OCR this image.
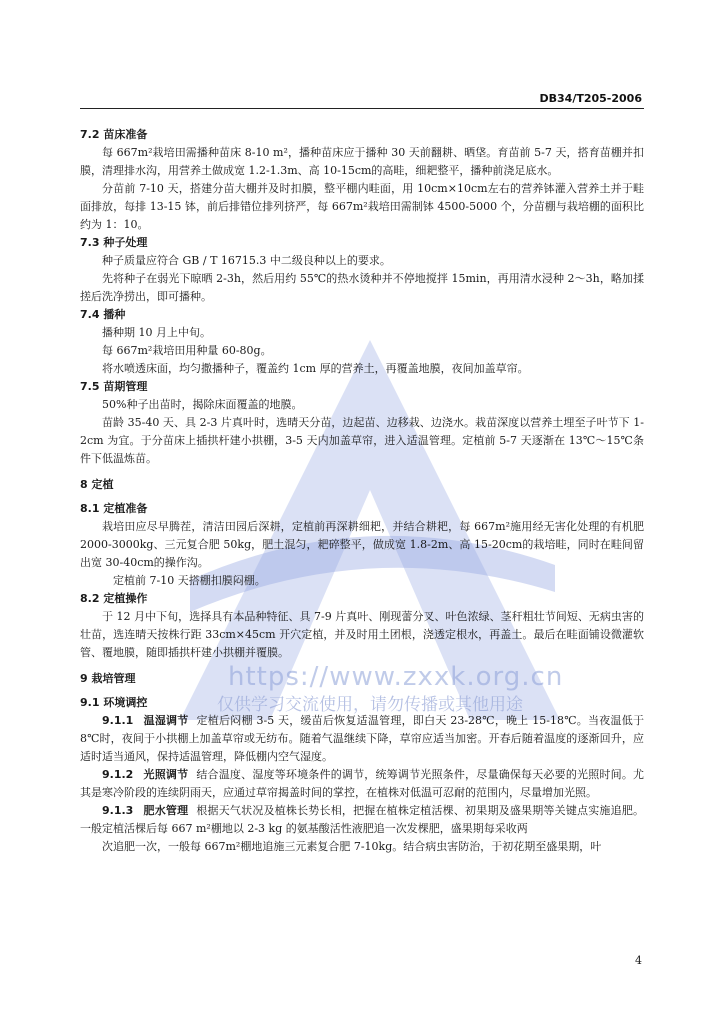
https://www.zxxk.org.cn
仅供学习交流使用，请勿传播或其他用途
DB34/T205-2006
7.2 苗床准备

每 667m²栽培田需播种苗床 8-10 m²，播种苗床应于播种 30 天前翻耕、晒垡。育苗前 5-7 天，搭育苗棚并扣膜，清理排水沟，用营养土做成宽 1.2-1.3m、高 10-15cm的高畦，细耙整平，播种前浇足底水。

分苗前 7-10 天，搭建分苗大棚并及时扣膜，整平棚内畦面，用 10cm×10cm左右的营养钵灌入营养土并于畦面排放，每排 13-15 钵，前后排错位排列挤严，每 667m²栽培田需制钵 4500-5000 个，分苗棚与栽培棚的面积比约为 1：10。

7.3 种子处理

种子质量应符合 GB / T 16715.3 中二级良种以上的要求。

先将种子在弱光下晾晒 2-3h，然后用约 55℃的热水烫种并不停地搅拌 15min，再用清水浸种 2～3h，略加揉搓后洗净捞出，即可播种。

7.4 播种

播种期 10 月上中旬。

每 667m²栽培田用种量 60-80g。

将水喷透床面，均匀撒播种子，覆盖约 1cm 厚的营养土，再覆盖地膜，夜间加盖草帘。

7.5 苗期管理

50%种子出苗时，揭除床面覆盖的地膜。

苗龄 35-40 天、具 2-3 片真叶时，选晴天分苗，边起苗、边移栽、边浇水。栽苗深度以营养土埋至子叶节下 1-2cm 为宜。于分苗床上插拱杆建小拱棚，3-5 天内加盖草帘，进入适温管理。定植前 5-7 天逐渐在 13℃～15℃条件下低温炼苗。

8 定植
8.1 定植准备

栽培田应尽早腾茬，清洁田园后深耕，定植前再深耕细耙，并结合耕耙，每 667m²施用经无害化处理的有机肥 2000-3000kg、三元复合肥 50kg，肥土混匀，耙碎整平，做成宽 1.8-2m、高 15-20cm的栽培畦，同时在畦间留出宽 30-40cm的操作沟。

定植前 7-10 天搭棚扣膜闷棚。

8.2 定植操作

于 12 月中下旬，选择具有本品种特征、具 7-9 片真叶、刚现蕾分叉、叶色浓绿、茎秆粗壮节间短、无病虫害的壮苗，选连晴天按株行距 33cm×45cm 开穴定植，并及时用土团根，浇透定根水，再盖土。最后在畦面铺设微灌软管、覆地膜，随即插拱杆建小拱棚并覆膜。

9 栽培管理
9.1 环境调控

9.1.1 温湿调节 定植后闷棚 3-5 天，缓苗后恢复适温管理，即白天 23-28℃，晚上 15-18℃。当夜温低于 8℃时，夜间于小拱棚上加盖草帘或无纺布。随着气温继续下降，草帘应适当加密。开春后随着温度的逐渐回升，应适时适当通风，保持适温管理，降低棚内空气湿度。

9.1.2 光照调节 结合温度、湿度等环境条件的调节，统筹调节光照条件，尽量确保每天必要的光照时间。尤其是寒冷阶段的连续阴雨天，应通过草帘揭盖时间的掌控，在植株对低温可忍耐的范围内，尽量增加光照。

9.1.3 肥水管理 根据天气状况及植株长势长相，把握在植株定植活棵、初果期及盛果期等关键点实施追肥。一般定植活棵后每 667 m²棚地以 2-3 kg 的氨基酸活性液肥追一次发棵肥，盛果期每采收两

次追肥一次，一般每 667m²棚地追施三元素复合肥 7-10kg。结合病虫害防治，于初花期至盛果期，叶

4
